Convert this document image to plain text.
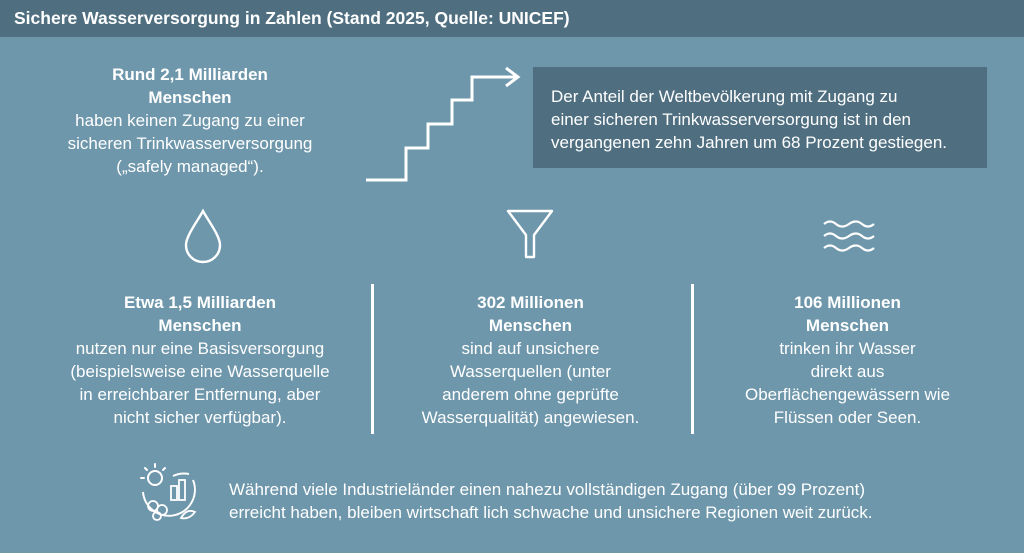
Sichere Wasserversorgung in Zahlen (Stand 2025, Quelle: UNICEF)
Rund 2,1 Milliarden
Menschen
haben keinen Zugang zu einer
sicheren Trinkwasserversorgung
(„safely managed“).
Der Anteil der Weltbevölkerung mit Zugang zu
einer sicheren Trinkwasserversorgung ist in den
vergangenen zehn Jahren um 68 Prozent gestiegen.
Etwa 1,5 Milliarden
Menschen
nutzen nur eine Basisversorgung
(beispielsweise eine Wasserquelle
in erreichbarer Entfernung, aber
nicht sicher verfügbar).
302 Millionen
Menschen
sind auf unsichere
Wasserquellen (unter
anderem ohne geprüfte
Wasserqualität) angewiesen.
106 Millionen
Menschen
trinken ihr Wasser
direkt aus
Oberflächengewässern wie
Flüssen oder Seen.
Während viele Industrieländer einen nahezu vollständigen Zugang (über 99 Prozent)
erreicht haben, bleiben wirtschaft lich schwache und unsichere Regionen weit zurück.
